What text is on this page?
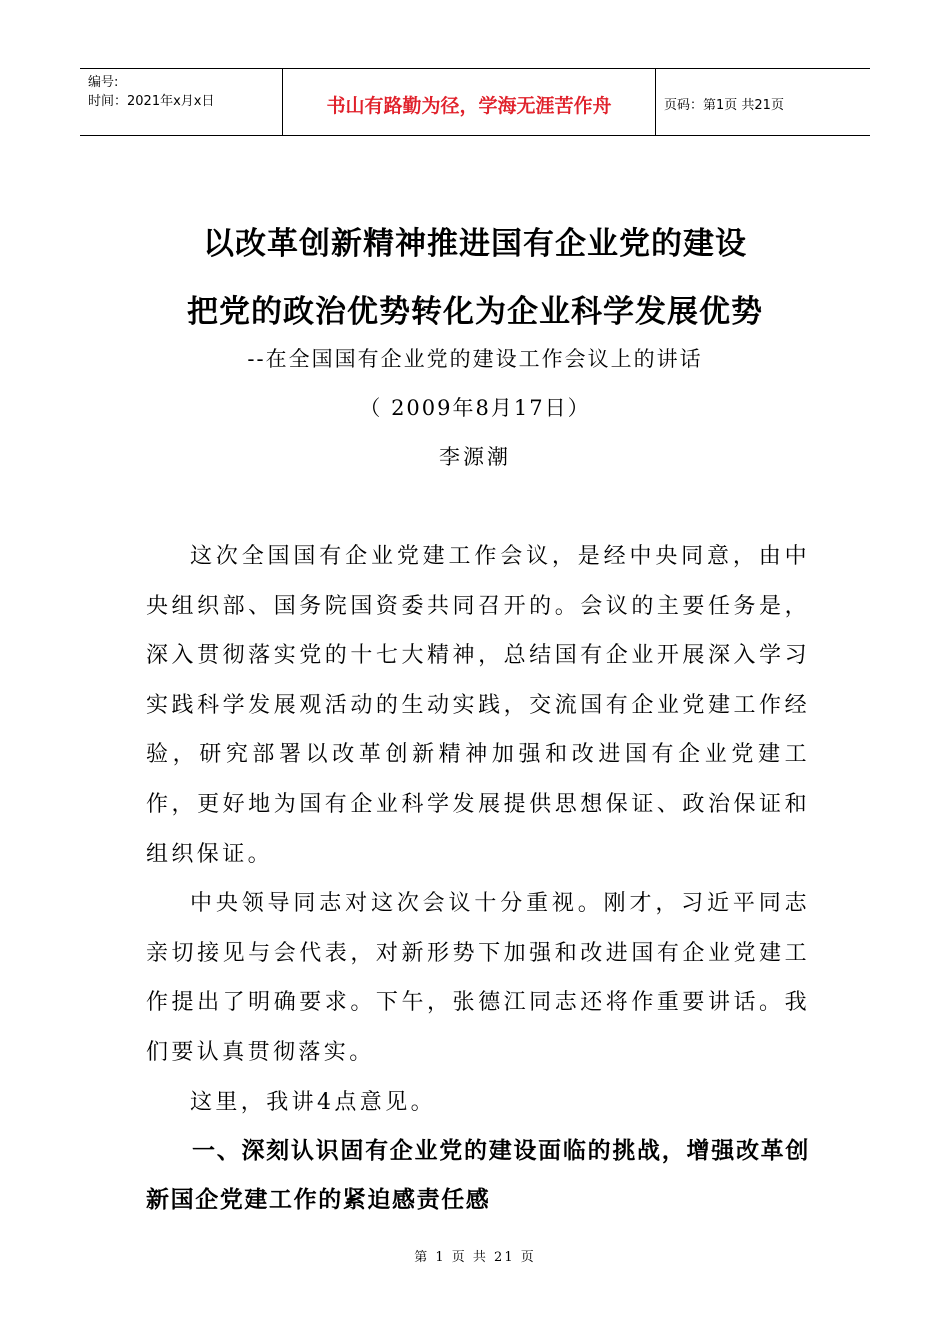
编号:
时间：2021年x月x日	书山有路勤为径，学海无涯苦作舟	页码：第1页 共21页
以改革创新精神推进国有企业党的建设
把党的政治优势转化为企业科学发展优势
--在全国国有企业党的建设工作会议上的讲话
（ 2009年8月17日）
李源潮

这次全国国有企业党建工作会议，是经中央同意，由中央组织部、国务院国资委共同召开的。会议的主要任务是，深入贯彻落实党的十七大精神，总结国有企业开展深入学习实践科学发展观活动的生动实践，交流国有企业党建工作经验，研究部署以改革创新精神加强和改进国有企业党建工作，更好地为国有企业科学发展提供思想保证、政治保证和组织保证。

中央领导同志对这次会议十分重视。刚才，习近平同志亲切接见与会代表，对新形势下加强和改进国有企业党建工作提出了明确要求。下午，张德江同志还将作重要讲话。我们要认真贯彻落实。

这里，我讲4点意见。

一、深刻认识固有企业党的建设面临的挑战，增强改革创新国企党建工作的紧迫感责任感

第 1 页 共 21 页
